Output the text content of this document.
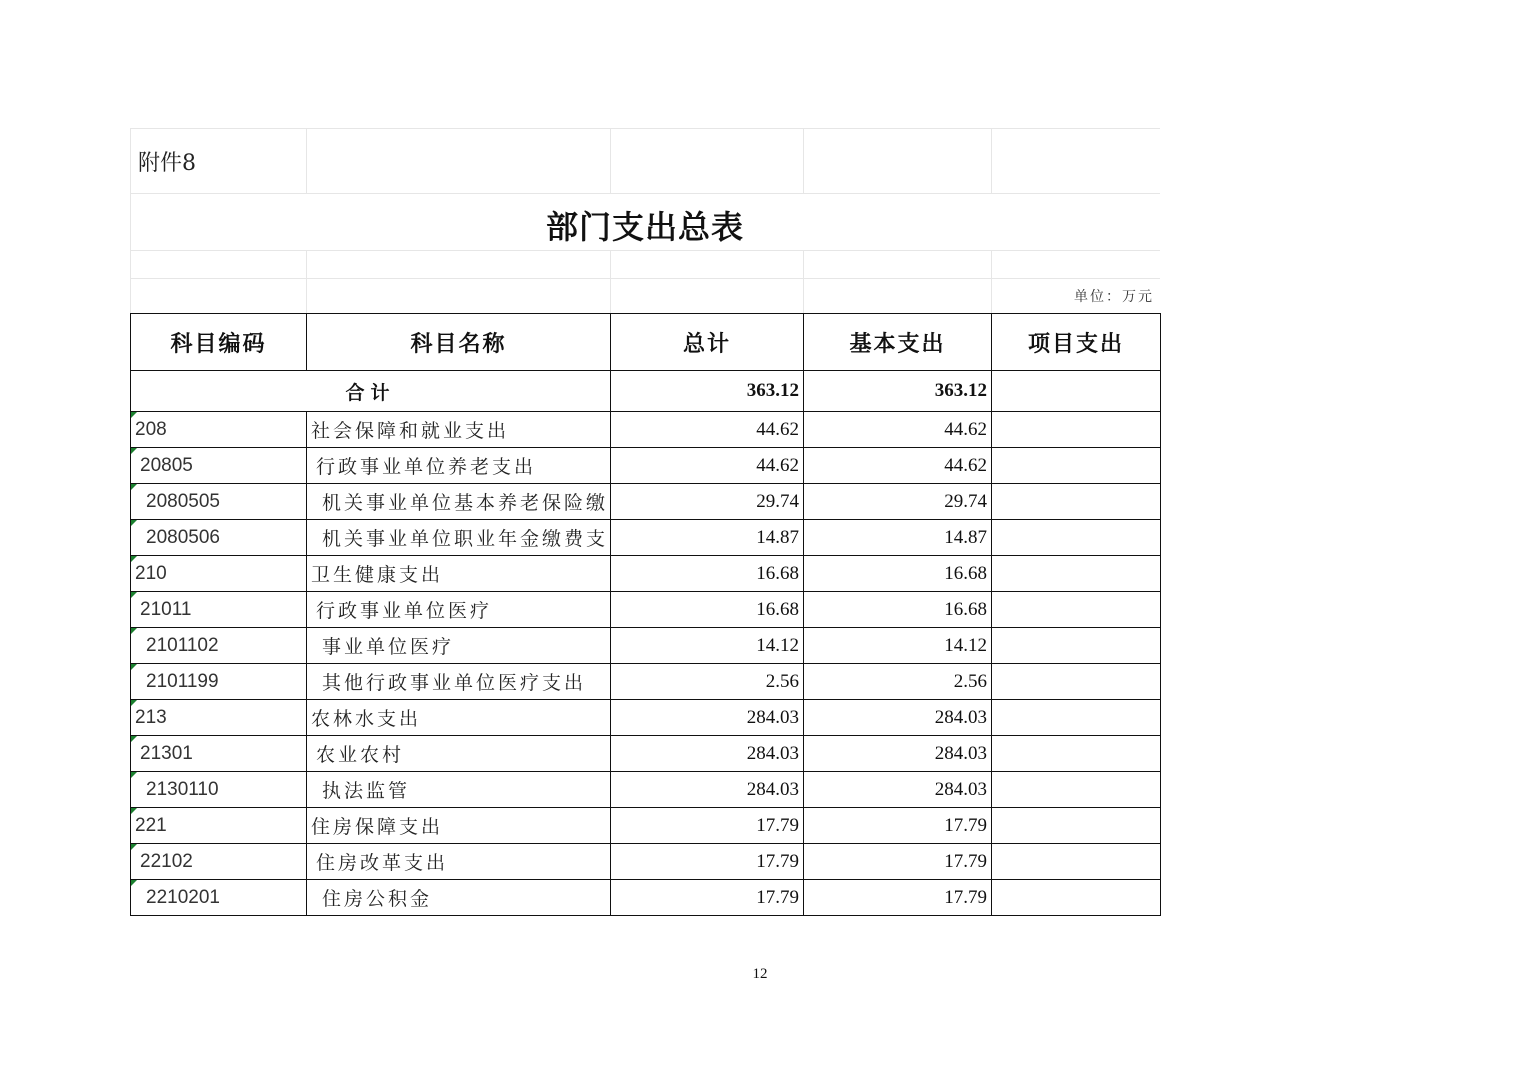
附件8
部门支出总表
单位：万元
科目编码	科目名称	总计	基本支出	项目支出
合计		363.12	363.12	
208	社会保障和就业支出	44.62	44.62	
20805	行政事业单位养老支出	44.62	44.62	
2080505	机关事业单位基本养老保险缴	29.74	29.74	
2080506	机关事业单位职业年金缴费支	14.87	14.87	
210	卫生健康支出	16.68	16.68	
21011	行政事业单位医疗	16.68	16.68	
2101102	事业单位医疗	14.12	14.12	
2101199	其他行政事业单位医疗支出	2.56	2.56	
213	农林水支出	284.03	284.03	
21301	农业农村	284.03	284.03	
2130110	执法监管	284.03	284.03	
221	住房保障支出	17.79	17.79	
22102	住房改革支出	17.79	17.79	
2210201	住房公积金	17.79	17.79	
12
